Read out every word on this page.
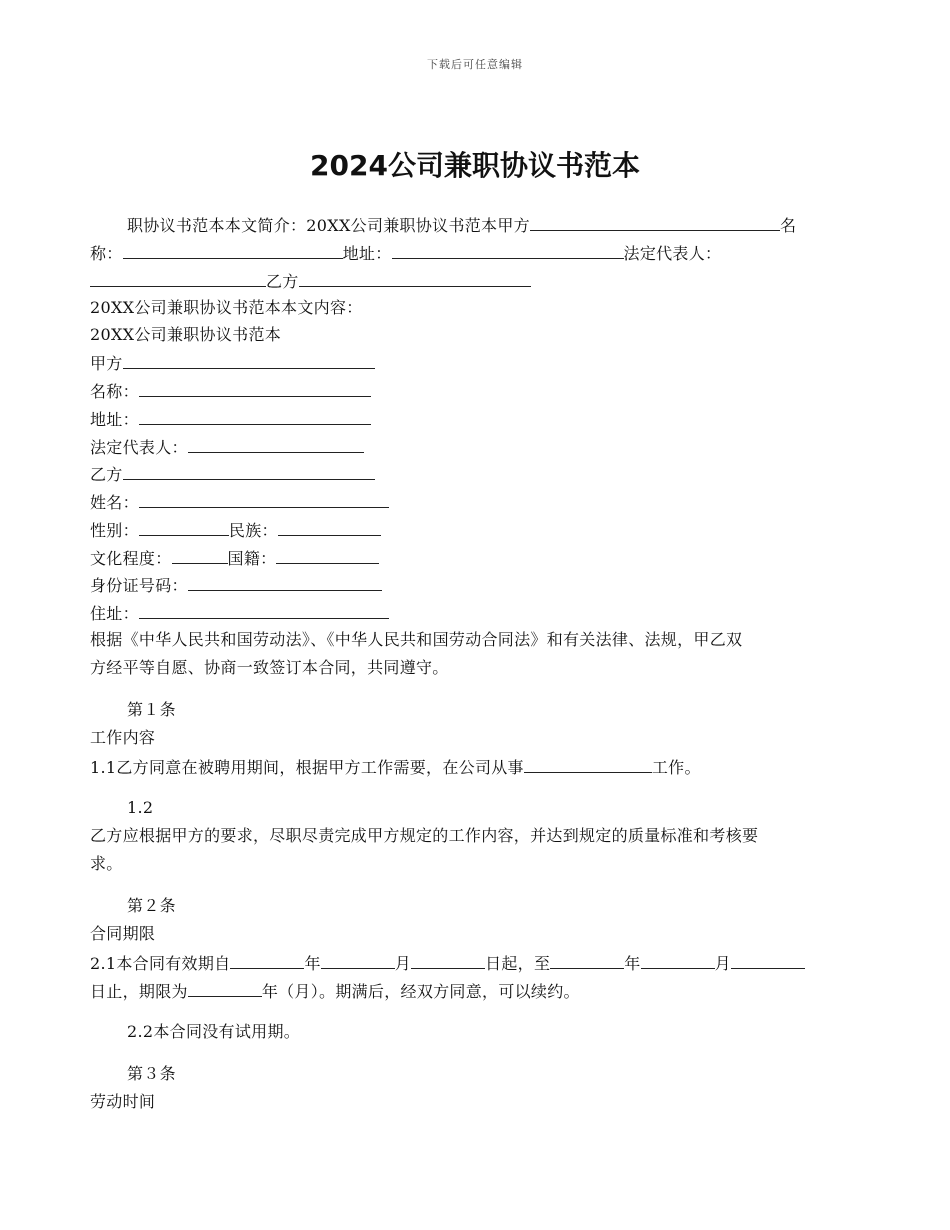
下载后可任意编辑
2024公司兼职协议书范本
职协议书范本本文简介：20XX公司兼职协议书范本甲方	名
称：	地址：	法定代表人：
乙方
20XX公司兼职协议书范本本文内容：
20XX公司兼职协议书范本
甲方
名称：
地址：
法定代表人：
乙方
姓名：
性别：	民族：
文化程度：	国籍：
身份证号码：
住址：
根据《中华人民共和国劳动法》、《中华人民共和国劳动合同法》和有关法律、法规，甲乙双
方经平等自愿、协商一致签订本合同，共同遵守。
第１条
工作内容
1.1乙方同意在被聘用期间，根据甲方工作需要，在公司从事	工作。
1.2
乙方应根据甲方的要求，尽职尽责完成甲方规定的工作内容，并达到规定的质量标准和考核要
求。
第２条
合同期限
2.1本合同有效期自	年	月	日起，至	年	月
日止，期限为	年（月）。期满后，经双方同意，可以续约。
2.2本合同没有试用期。
第３条
劳动时间
